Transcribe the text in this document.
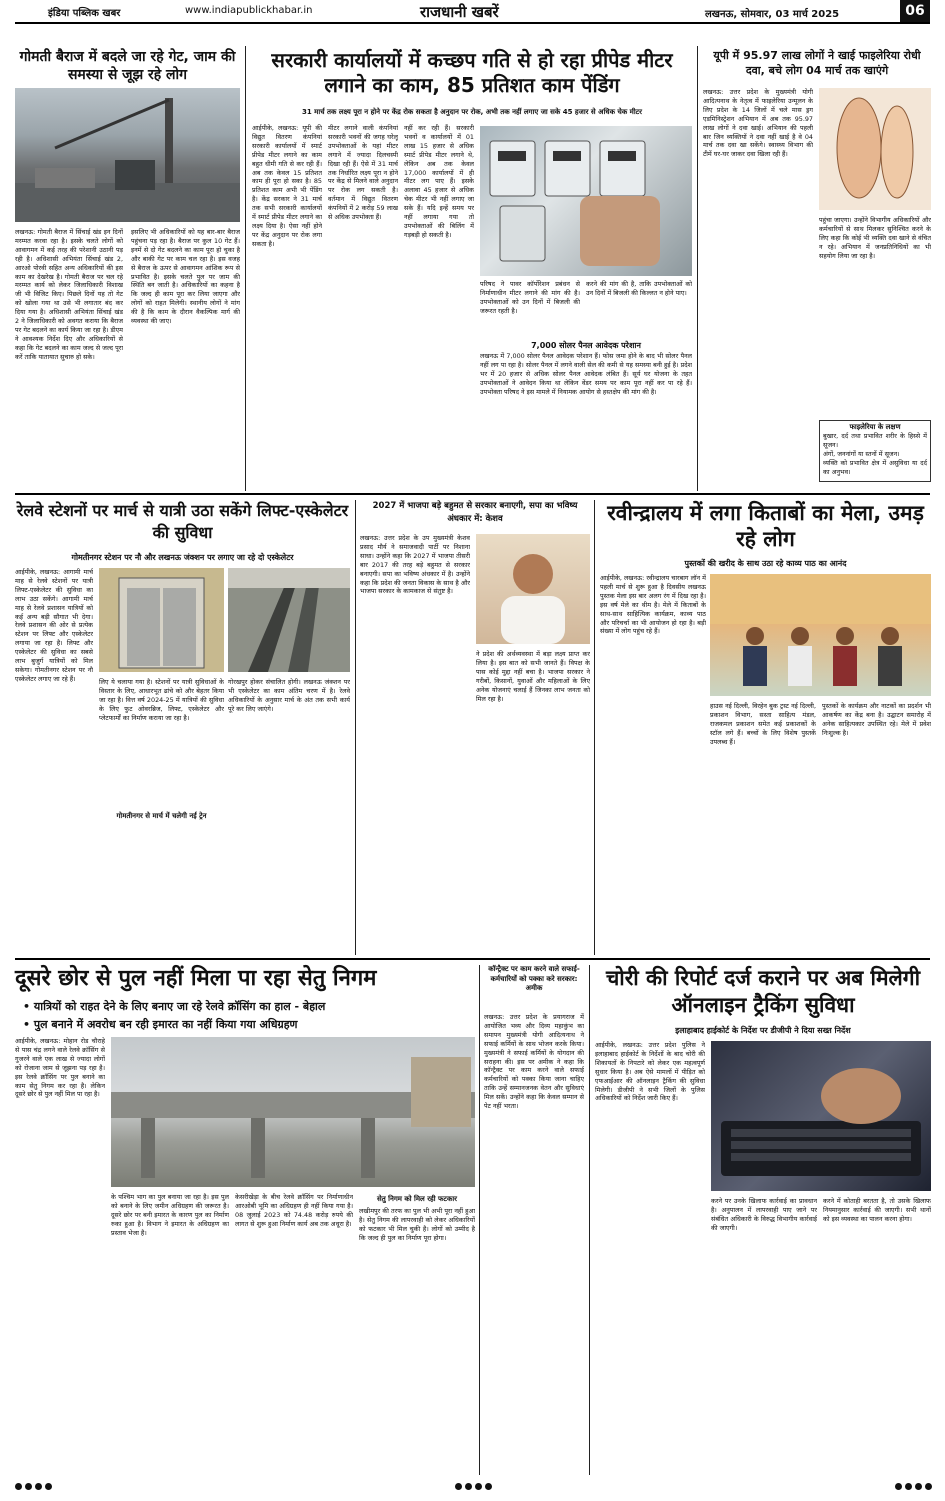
इंडिया पब्लिक खबर	www.indiapublickhabar.in	राजधानी खबरें	लखनऊ, सोमवार, 03 मार्च 2025	06
गोमती बैराज में बदले जा रहे गेट, जाम की समस्या से जूझ रहे लोग
लखनऊ: गोमती बैराज में सिंचाई खंड इन दिनों मरम्मत करवा रहा है। इसके चलते लोगों को आवागमन में कई तरह की परेशानी उठानी पड़ रही है। अधिशासी अभियंता सिंचाई खंड 2, आरओ पोरवी सहित अन्य अधिकारियों की इस काम का देखरेख है। गोमती बैराज पर चल रहे मरम्मत कार्य को लेकर जिलाधिकारी विशाख जी भी विजिट किए। पिछले दिनों यह तो गेट को खोला गया था उसे भी लगातार बंद कर दिया गया है। अधिशासी अभियंता सिंचाई खंड 2 ने जिलाधिकारी को अवगत कराया कि बैराज पर गेट बदलने का कार्य किया जा रहा है। डीएम ने आवश्यक निर्देश दिए और अधिकारियों से कहा कि गेट बदलने का काम जल्द से जल्द पूरा करें ताकि यातायात सुचारु हो सके।
इसलिए भी अधिकारियों को यह बार-बार बैराज पहुंचना पड़ रहा है। बैराज पर कुल 10 गेट हैं। इनमें से दो गेट बदलने का काम पूरा हो चुका है और बाकी गेट पर काम चल रहा है। इस वजह से बैराज के ऊपर से आवागमन आंशिक रूप से प्रभावित है। इसके चलते पुल पर जाम की स्थिति बन जाती है। अधिकारियों का कहना है कि जल्द ही काम पूरा कर लिया जाएगा और लोगों को राहत मिलेगी। स्थानीय लोगों ने मांग की है कि काम के दौरान वैकल्पिक मार्ग की व्यवस्था की जाए।
सरकारी कार्यालयों में कच्छप गति से हो रहा प्रीपेड मीटर लगाने का काम, 85 प्रतिशत काम पेंडिंग
31 मार्च तक लक्ष्य पूरा न होने पर केंद्र रोक सकता है अनुदान पर रोक, अभी तक नहीं लगाए जा सके 45 हजार से अधिक चेक मीटर
आईपीके, लखनऊ: यूपी की विद्युत वितरण कंपनियां सरकारी कार्यालयों में स्मार्ट प्रीपेड मीटर लगाने का काम बहुत धीमी गति से कर रही हैं। अब तक केवल 15 प्रतिशत काम ही पूरा हो सका है। 85 प्रतिशत काम अभी भी पेंडिंग है। केंद्र सरकार ने 31 मार्च तक सभी सरकारी कार्यालयों में स्मार्ट प्रीपेड मीटर लगाने का लक्ष्य दिया है। ऐसा नहीं होने पर केंद्र अनुदान पर रोक लगा सकता है।
मीटर लगाने वाली कंपनियां सरकारी भवनों की जगह घरेलू उपभोक्ताओं के यहां मीटर लगाने में ज्यादा दिलचस्पी दिखा रही हैं। ऐसे में 31 मार्च तक निर्धारित लक्ष्य पूरा न होने पर केंद्र से मिलने वाले अनुदान पर रोक लग सकती है। वर्तमान में विद्युत वितरण कंपनियों में 2 करोड़ 59 लाख से अधिक उपभोक्ता हैं।
नहीं कर रही हैं। सरकारी भवनों व कार्यालयों में 01 लाख 15 हजार से अधिक स्मार्ट प्रीपेड मीटर लगाने थे, लेकिन अब तक केवल 17,000 कार्यालयों में ही मीटर लग पाए हैं। इसके अलावा 45 हजार से अधिक चेक मीटर भी नहीं लगाए जा सके हैं। यदि इन्हें समय पर नहीं लगाया गया तो उपभोक्ताओं की बिलिंग में गड़बड़ी हो सकती है।
परिषद ने पावर कॉर्पोरेशन प्रबंधन से निर्माणाधीन मीटर लगाने की मांग की है। उपभोक्ताओं को उन दिनों में बिजली की जरूरत रहती है।
करने की मांग की है, ताकि उपभोक्ताओं को उन दिनों में बिजली की किल्लत न होने पाए।
7,000 सोलर पैनल आवेदक परेशान
लखनऊ में 7,000 सोलर पैनल आवेदक परेशान हैं। फोस जमा होने के बाद भी सोलर पैनल नहीं लग पा रहा है। सोलर पैनल में लगने वाली सेल की कमी से यह समस्या बनी हुई है। प्रदेश भर में 20 हजार से अधिक सोलर पैनल आवेदक लंबित हैं। सूर्य घर योजना के तहत उपभोक्ताओं ने आवेदन किया था लेकिन वेंडर समय पर काम पूरा नहीं कर पा रहे हैं। उपभोक्ता परिषद ने इस मामले में नियामक आयोग से हस्तक्षेप की मांग की है।
यूपी में 95.97 लाख लोगों ने खाई फाइलेरिया रोधी दवा, बचे लोग 04 मार्च तक खाएंगे
लखनऊ: उत्तर प्रदेश के मुख्यमंत्री योगी आदित्यनाथ के नेतृत्व में फाइलेरिया उन्मूलन के लिए प्रदेश के 14 जिलों में चले मास ड्रग एडमिनिस्ट्रेशन अभियान में अब तक 95.97 लाख लोगों ने दवा खाई। अभियान की पहली बार जिन व्यक्तियों ने दवा नहीं खाई है वे 04 मार्च तक दवा खा सकेंगे। स्वास्थ्य विभाग की टीमें घर-घर जाकर दवा खिला रही हैं।
पहुंचा जाएगा। उन्होंने विभागीय अधिकारियों और कर्मचारियों से साथ मिलकर सुनिश्चित करने के लिए कहा कि कोई भी व्यक्ति दवा खाने से वंचित न रहे। अभियान में जनप्रतिनिधियों का भी सहयोग लिया जा रहा है।
फाइलेरिया के लक्षण
बुखार, दर्द तथा प्रभावित शरीर के हिस्से में सूजन।
अंगों, जननांगों या स्तनों में सूजन।
व्यक्ति को प्रभावित क्षेत्र में असुविधा या दर्द का अनुभव।
रेलवे स्टेशनों पर मार्च से यात्री उठा सकेंगे लिफ्ट-एस्केलेटर की सुविधा
गोमतीनगर स्टेशन पर नौ और लखनऊ जंक्शन पर लगाए जा रहे दो एस्केलेटर
आईपीके, लखनऊ: आगामी मार्च माह से रेलवे स्टेशनों पर यात्री लिफ्ट-एस्केलेटर की सुविधा का लाभ उठा सकेंगे। आगामी मार्च माह से रेलवे प्रशासन यात्रियों को कई अन्य बड़ी सौगात भी देगा। रेलवे प्रशासन की ओर से प्रत्येक स्टेशन पर लिफ्ट और एस्केलेटर लगाया जा रहा है। लिफ्ट और एस्केलेटर की सुविधा का सबसे लाभ बुजुर्ग यात्रियों को मिल सकेगा। गोमतीनगर स्टेशन पर नौ एस्केलेटर लगाए जा रहे हैं।	लिए ये चलाया गया है। स्टेशनों पर यात्री सुविधाओं के विस्तार के लिए, आधारभूत ढांचे को और बेहतर किया जा रहा है। वित्त वर्ष 2024-25 में यात्रियों की सुविधा के लिए फुट ओवरब्रिज, लिफ्ट, एस्केलेटर और प्लेटफार्मों का निर्माण कराया जा रहा है।
गोमतीनगर से मार्च में चलेगी नई ट्रेन
गोरखपुर होकर संचालित होगी। लखनऊ जंक्शन पर भी एस्केलेटर का काम अंतिम चरण में है। रेलवे अधिकारियों के अनुसार मार्च के अंत तक सभी कार्य पूरे कर लिए जाएंगे।
2027 में भाजपा बड़े बहुमत से सरकार बनाएगी, सपा का भविष्य अंधकार में: केशव
लखनऊ: उत्तर प्रदेश के उप मुख्यमंत्री केशव प्रसाद मौर्य ने समाजवादी पार्टी पर निशाना साधा। उन्होंने कहा कि 2027 में भाजपा तीसरी बार 2017 की तरह बड़े बहुमत से सरकार बनाएगी। सपा का भविष्य अंधकार में है। उन्होंने कहा कि प्रदेश की जनता विकास के साथ है और भाजपा सरकार के कामकाज से संतुष्ट है।
ने प्रदेश की अर्थव्यवस्था में बड़ा लक्ष्य प्राप्त कर लिया है। इस बात को सभी जानते हैं। विपक्ष के पास कोई मुद्दा नहीं बचा है। भाजपा सरकार ने गरीबों, किसानों, युवाओं और महिलाओं के लिए अनेक योजनाएं चलाई हैं जिनका लाभ जनता को मिल रहा है।
रवीन्द्रालय में लगा किताबों का मेला, उमड़ रहे लोग
पुस्तकों की खरीद के साथ उठा रहे काव्य पाठ का आनंद
आईपीके, लखनऊ: रवीन्द्रालय चारबाग लॉन में पहली मार्च से शुरू हुआ है दिवसीय लखनऊ पुस्तक मेला इस बार अलग रंग में दिख रहा है। इस वर्ष मेले का थीम है। मेले में किताबों के साथ-साथ साहित्यिक कार्यक्रम, काव्य पाठ और परिचर्चा का भी आयोजन हो रहा है। बड़ी संख्या में लोग पहुंच रहे हैं।
हाउस नई दिल्ली, विरहेन बुक ट्रस्ट नई दिल्ली, प्रकाशन विभाग, सस्ता साहित्य मंडल, राजकमल प्रकाशन समेत कई प्रकाशकों के स्टॉल लगे हैं। बच्चों के लिए विशेष पुस्तकें उपलब्ध हैं।
पुस्तकों के कार्यक्रम और नाटकों का प्रदर्शन भी आकर्षण का केंद्र बना है। उद्घाटन समारोह में अनेक साहित्यकार उपस्थित रहे। मेले में प्रवेश निःशुल्क है।
दूसरे छोर से पुल नहीं मिला पा रहा सेतु निगम
• यात्रियों को राहत देने के लिए बनाए जा रहे रेलवे क्रॉसिंग का हाल - बेहाल
• पुल बनाने में अवरोध बन रही इमारत का नहीं किया गया अधिग्रहण
आईपीके, लखनऊ: मोहान रोड चौराहे से पास चंद्र लगने वाले रेलवे क्रॉसिंग से गुजरने वाले एक लाख से ज्यादा लोगों को रोजाना जाम से जूझना पड़ रहा है। इस रेलवे क्रॉसिंग पर पुल बनाने का काम सेतु निगम कर रहा है। लेकिन दूसरे छोर से पुल नहीं मिल पा रहा है।
के पश्चिम भाग का पुल बनाया जा रहा है। इस पुल को बनाने के लिए जमीन अधिग्रहण की जरूरत है। दूसरे छोर पर बनी इमारत के कारण पुल का निर्माण रुका हुआ है। विभाग ने इमारत के अधिग्रहण का प्रस्ताव भेजा है।
केसरीखेड़ा के बीच रेलवे क्रॉसिंग पर निर्माणाधीन आरओबी भूमि का अधिग्रहण ही नहीं किया गया है। 08 जुलाई 2023 को 74.48 करोड़ रुपये की लागत से शुरू हुआ निर्माण कार्य अब तक अधूरा है।
सेतु निगम को मिल रही फटकार
लखीमपुर की तरफ का पुल भी अभी पूरा नहीं हुआ है। सेतु निगम की लापरवाही को लेकर अधिकारियों को फटकार भी मिल चुकी है। लोगों को उम्मीद है कि जल्द ही पुल का निर्माण पूरा होगा।
कॉन्ट्रैक्ट पर काम करने वाले सफाई-कर्मचारियों को पक्का करे सरकार: अमीक
लखनऊ: उत्तर प्रदेश के प्रयागराज में आयोजित भव्य और दिव्य महाकुंभ का समापन मुख्यमंत्री योगी आदित्यनाथ ने सफाई कर्मियों के साथ भोजन करके किया। मुख्यमंत्री ने सफाई कर्मियों के योगदान की सराहना की। इस पर अमीक ने कहा कि कॉन्ट्रैक्ट पर काम करने वाले सफाई कर्मचारियों को पक्का किया जाना चाहिए ताकि उन्हें सम्मानजनक वेतन और सुविधाएं मिल सकें। उन्होंने कहा कि केवल सम्मान से पेट नहीं भरता।
चोरी की रिपोर्ट दर्ज कराने पर अब मिलेगी ऑनलाइन ट्रैकिंग सुविधा
इलाहाबाद हाईकोर्ट के निर्देश पर डीजीपी ने दिया सख्त निर्देश
आईपीके, लखनऊ: उत्तर प्रदेश पुलिस ने इलाहाबाद हाईकोर्ट के निर्देशों के बाद चोरी की शिकायतों के निपटारे को लेकर एक महत्वपूर्ण सुधार किया है। अब ऐसे मामलों में पीड़ित को एफआईआर की ऑनलाइन ट्रैकिंग की सुविधा मिलेगी। डीजीपी ने सभी जिलों के पुलिस अधिकारियों को निर्देश जारी किए हैं।
करने पर उनके खिलाफ कार्रवाई का प्रावधान है। अनुपालन में लापरवाही पाए जाने पर संबंधित अधिकारी के विरुद्ध विभागीय कार्रवाई की जाएगी।
करने में कोताही बरतता है, तो उसके खिलाफ नियमानुसार कार्रवाई की जाएगी। सभी थानों को इस व्यवस्था का पालन करना होगा।
